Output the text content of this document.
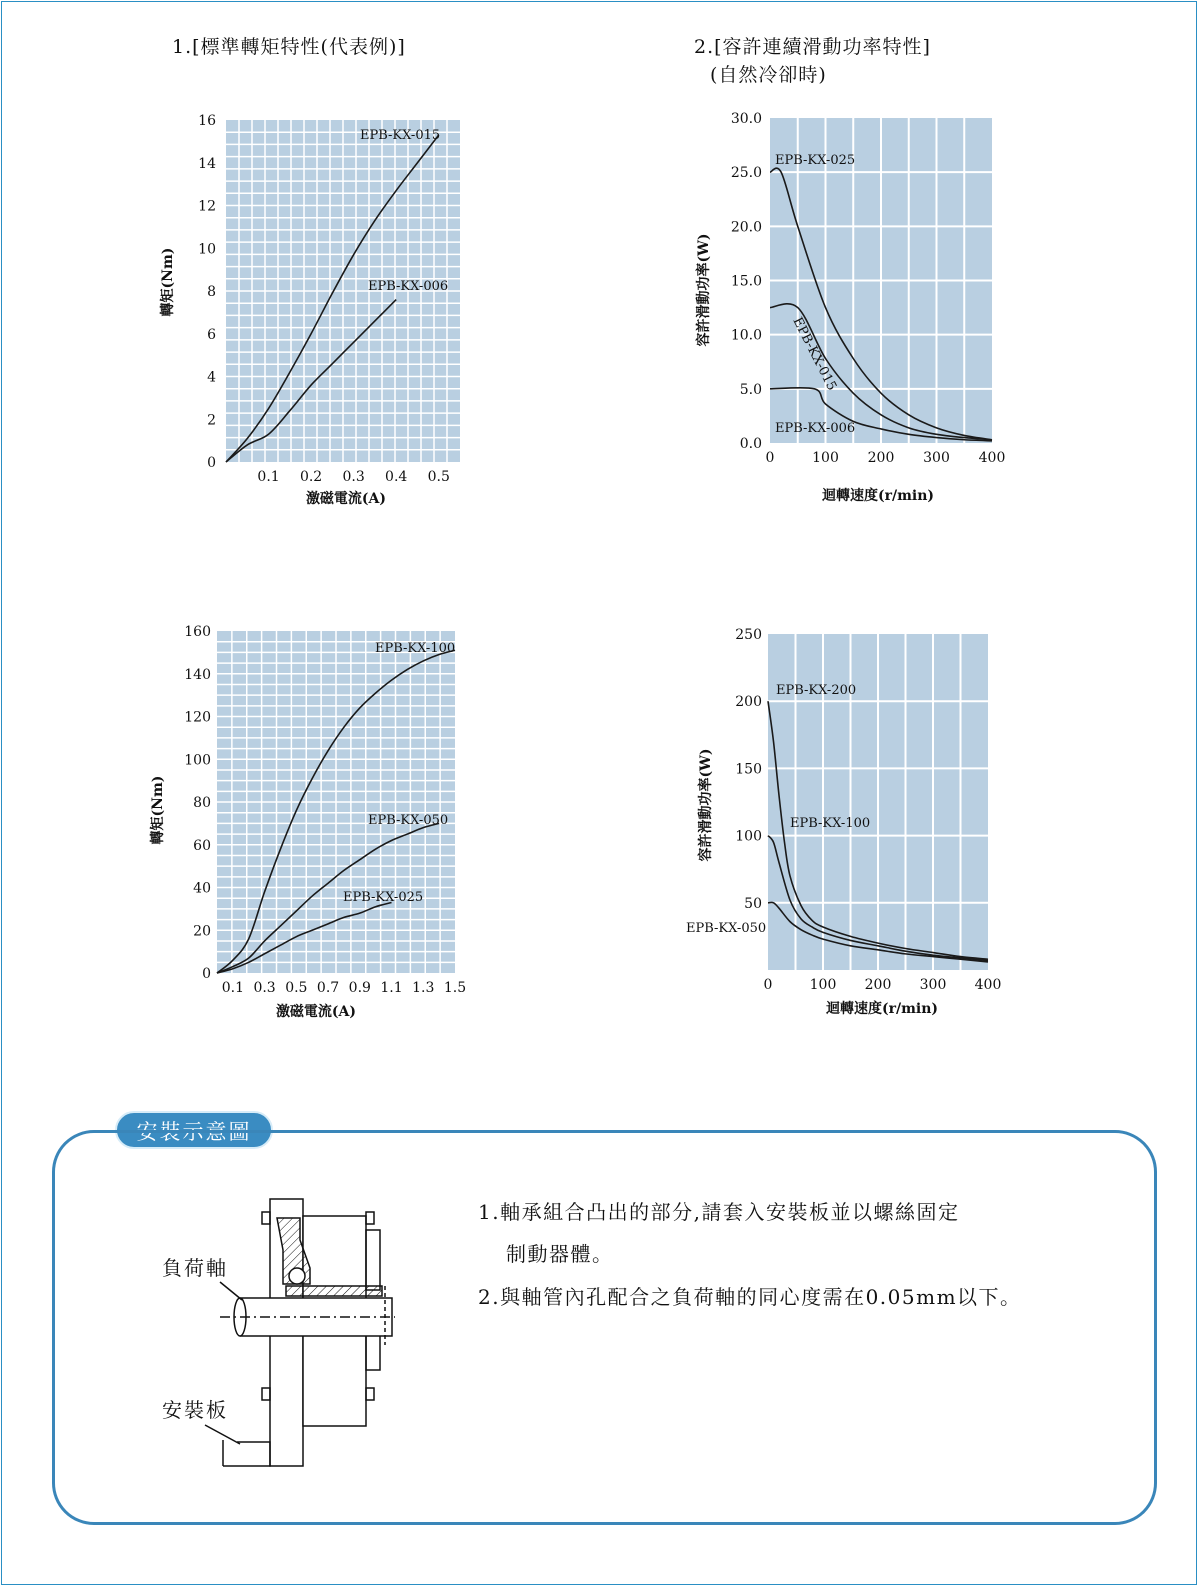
1.[標準轉矩特性(代表例)]	2.[容許連續滑動功率特性]
(自然冷卻時)
0.1 0.2 0.3 0.4 0.5
0
2
4
6
8
10
12
14
16
激磁電流(A)
轉矩(Nm)
EPB-KX-015
EPB-KX-006
0	100 200 300 400
0.0
5.0
10.0
15.0
20.0
25.0
30.0
迴轉速度(r/min)
容許滑動功率(W)
EPB-KX-025
EPB-KX-015
EPB-KX-006
0.1 0.3 0.5 0.7 0.9 1.1 1.3 1.5
0
20
40
60
80
100
120
140
160
激磁電流(A)
轉矩(Nm)
EPB-KX-100
EPB-KX-050
EPB-KX-025
0	100 200 300 400
50
100
150
200
250
迴轉速度(r/min)
容許滑動功率(W)
EPB-KX-200
EPB-KX-100
EPB-KX-050
安裝示意圖
負荷軸
安裝板
1.軸承組合凸出的部分,請套入安裝板並以螺絲固定
制動器體。
2.與軸管內孔配合之負荷軸的同心度需在0.05mm以下。
